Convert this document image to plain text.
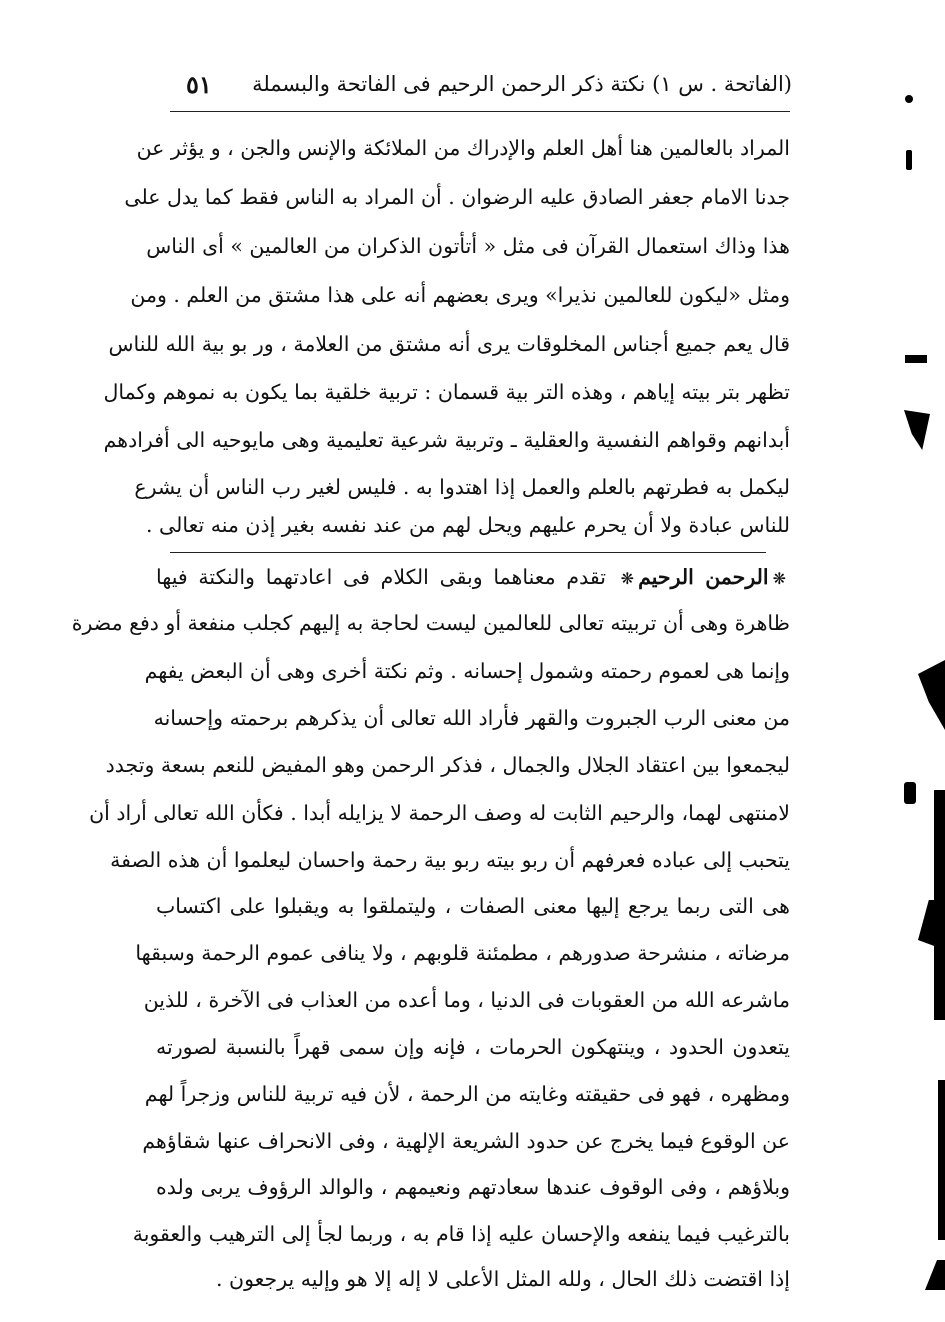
(الفاتحة . س ١) نكتة ذكر الرحمن الرحيم فى الفاتحة والبسملة
٥١
المراد بالعالمين هنا أهل العلم والإدراك من الملائكة والإنس والجن ، و يؤثر عن
جدنا الامام جعفر الصادق عليه الرضوان . أن المراد به الناس فقط كما يدل على
هذا وذاك استعمال القرآن فى مثل « أتأتون الذكران من العالمين » أى الناس
ومثل «ليكون للعالمين نذيرا» ويرى بعضهم أنه على هذا مشتق من العلم . ومن
قال يعم جميع أجناس المخلوقات يرى أنه مشتق من العلامة ، ور بو بية الله للناس
تظهر بتر بيته إياهم ، وهذه التر بية قسمان : تربية خلقية بما يكون به نموهم وكمال
أبدانهم وقواهم النفسية والعقلية ـ وتربية شرعية تعليمية وهى مايوحيه الى أفرادهم
ليكمل به فطرتهم بالعلم والعمل إذا اهتدوا به . فليس لغير رب الناس أن يشرع
للناس عبادة ولا أن يحرم عليهم ويحل لهم من عند نفسه بغير إذن منه تعالى .
❋الرحمن الرحيم❋ تقدم معناهما وبقى الكلام فى اعادتهما والنكتة فيها
ظاهرة وهى أن تربيته تعالى للعالمين ليست لحاجة به إليهم كجلب منفعة أو دفع مضرة
وإنما هى لعموم رحمته وشمول إحسانه . وثم نكتة أخرى وهى أن البعض يفهم
من معنى الرب الجبروت والقهر فأراد الله تعالى أن يذكرهم برحمته وإحسانه
ليجمعوا بين اعتقاد الجلال والجمال ، فذكر الرحمن وهو المفيض للنعم بسعة وتجدد
لامنتهى لهما، والرحيم الثابت له وصف الرحمة لا يزايله أبدا . فكأن الله تعالى أراد أن
يتحبب إلى عباده فعرفهم أن ربو بيته ربو بية رحمة واحسان ليعلموا أن هذه الصفة
هى التى ربما يرجع إليها معنى الصفات ، وليتملقوا به ويقبلوا على اكتساب
مرضاته ، منشرحة صدورهم ، مطمئنة قلوبهم ، ولا ينافى عموم الرحمة وسبقها
ماشرعه الله من العقوبات فى الدنيا ، وما أعده من العذاب فى الآخرة ، للذين
يتعدون الحدود ، وينتهكون الحرمات ، فإنه وإن سمى قهراً بالنسبة لصورته
ومظهره ، فهو فى حقيقته وغايته من الرحمة ، لأن فيه تربية للناس وزجراً لهم
عن الوقوع فيما يخرج عن حدود الشريعة الإلهية ، وفى الانحراف عنها شقاؤهم
وبلاؤهم ، وفى الوقوف عندها سعادتهم ونعيمهم ، والوالد الرؤوف يربى ولده
بالترغيب فيما ينفعه والإحسان عليه إذا قام به ، وربما لجأ إلى الترهيب والعقوبة
إذا اقتضت ذلك الحال ، ولله المثل الأعلى لا إله إلا هو وإليه يرجعون .
